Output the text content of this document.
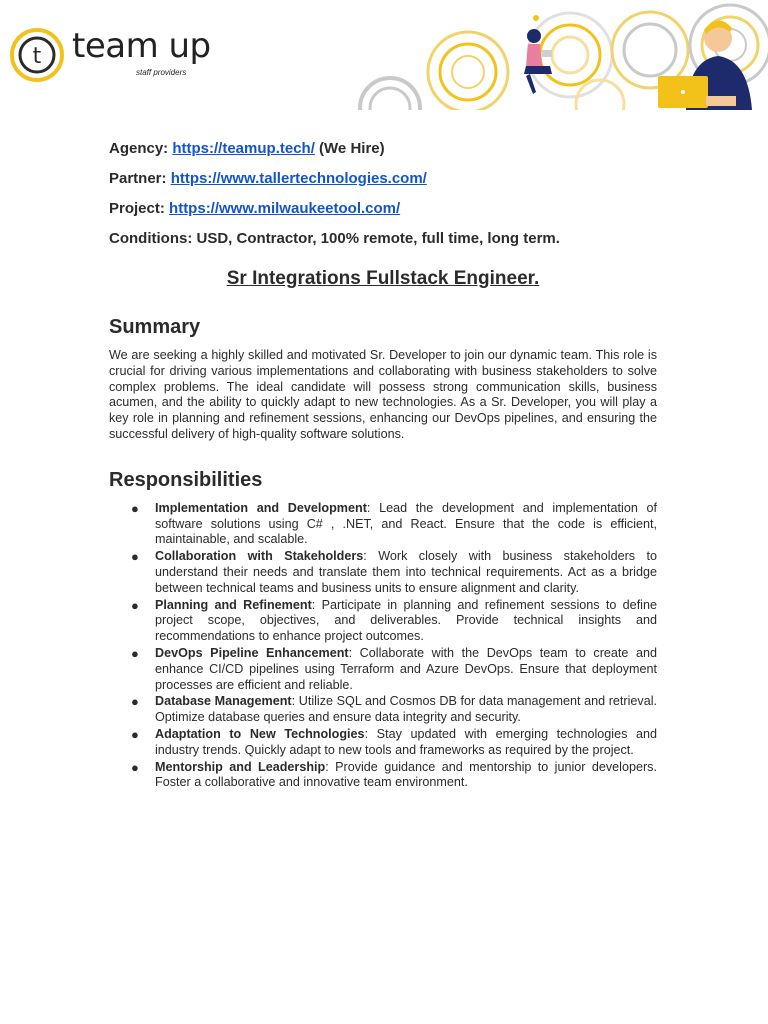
t team up
staff providers

Agency: https://teamup.tech/ (We Hire)

Partner: https://www.tallertechnologies.com/

Project: https://www.milwaukeetool.com/

Conditions: USD, Contractor, 100% remote, full time, long term.

Sr Integrations Fullstack Engineer.
Summary

We are seeking a highly skilled and motivated Sr. Developer to join our dynamic team. This role is crucial for driving various implementations and collaborating with business stakeholders to solve complex problems. The ideal candidate will possess strong communication skills, business acumen, and the ability to quickly adapt to new technologies. As a Sr. Developer, you will play a key role in planning and refinement sessions, enhancing our DevOps pipelines, and ensuring the successful delivery of high-quality software solutions.

Responsibilities
● Implementation and Development: Lead the development and implementation of software solutions using C# , .NET, and React. Ensure that the code is efficient, maintainable, and scalable.
● Collaboration with Stakeholders: Work closely with business stakeholders to understand their needs and translate them into technical requirements. Act as a bridge between technical teams and business units to ensure alignment and clarity.
● Planning and Refinement: Participate in planning and refinement sessions to define project scope, objectives, and deliverables. Provide technical insights and recommendations to enhance project outcomes.
● DevOps Pipeline Enhancement: Collaborate with the DevOps team to create and enhance CI/CD pipelines using Terraform and Azure DevOps. Ensure that deployment processes are efficient and reliable.
● Database Management: Utilize SQL and Cosmos DB for data management and retrieval. Optimize database queries and ensure data integrity and security.
● Adaptation to New Technologies: Stay updated with emerging technologies and industry trends. Quickly adapt to new tools and frameworks as required by the project.
● Mentorship and Leadership: Provide guidance and mentorship to junior developers. Foster a collaborative and innovative team environment.
